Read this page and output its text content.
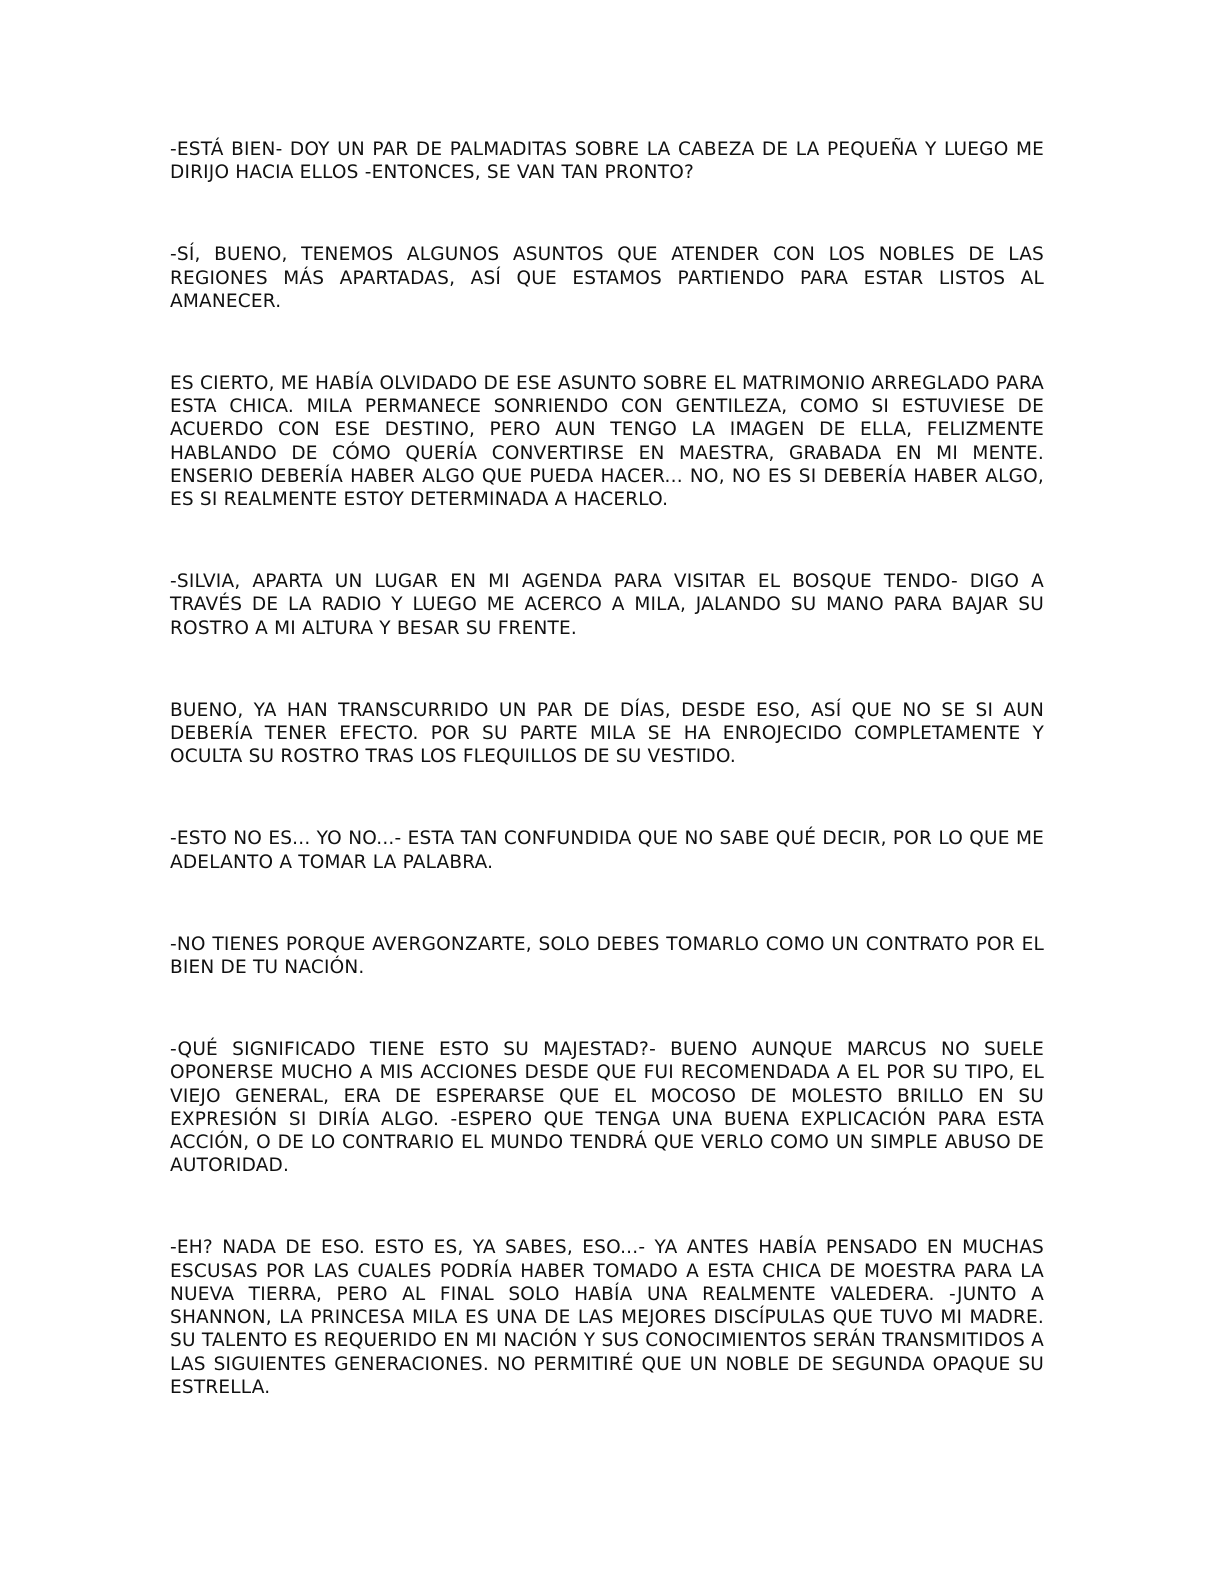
-ESTÁ BIEN- DOY UN PAR DE PALMADITAS SOBRE LA CABEZA DE LA PEQUEÑA Y LUEGO ME DIRIJO HACIA ELLOS -ENTONCES, SE VAN TAN PRONTO?

-SÍ, BUENO, TENEMOS ALGUNOS ASUNTOS QUE ATENDER CON LOS NOBLES DE LAS REGIONES MÁS APARTADAS, ASÍ QUE ESTAMOS PARTIENDO PARA ESTAR LISTOS AL AMANECER.

ES CIERTO, ME HABÍA OLVIDADO DE ESE ASUNTO SOBRE EL MATRIMONIO ARREGLADO PARA ESTA CHICA. MILA PERMANECE SONRIENDO CON GENTILEZA, COMO SI ESTUVIESE DE ACUERDO CON ESE DESTINO, PERO AUN TENGO LA IMAGEN DE ELLA, FELIZMENTE HABLANDO DE CÓMO QUERÍA CONVERTIRSE EN MAESTRA, GRABADA EN MI MENTE. ENSERIO DEBERÍA HABER ALGO QUE PUEDA HACER... NO, NO ES SI DEBERÍA HABER ALGO, ES SI REALMENTE ESTOY DETERMINADA A HACERLO.

-SILVIA, APARTA UN LUGAR EN MI AGENDA PARA VISITAR EL BOSQUE TENDO- DIGO A TRAVÉS DE LA RADIO Y LUEGO ME ACERCO A MILA, JALANDO SU MANO PARA BAJAR SU ROSTRO A MI ALTURA Y BESAR SU FRENTE.

BUENO, YA HAN TRANSCURRIDO UN PAR DE DÍAS, DESDE ESO, ASÍ QUE NO SE SI AUN DEBERÍA TENER EFECTO. POR SU PARTE MILA SE HA ENROJECIDO COMPLETAMENTE Y OCULTA SU ROSTRO TRAS LOS FLEQUILLOS DE SU VESTIDO.

-ESTO NO ES... YO NO...- ESTA TAN CONFUNDIDA QUE NO SABE QUÉ DECIR, POR LO QUE ME ADELANTO A TOMAR LA PALABRA.

-NO TIENES PORQUE AVERGONZARTE, SOLO DEBES TOMARLO COMO UN CONTRATO POR EL BIEN DE TU NACIÓN.

-QUÉ SIGNIFICADO TIENE ESTO SU MAJESTAD?- BUENO AUNQUE MARCUS NO SUELE OPONERSE MUCHO A MIS ACCIONES DESDE QUE FUI RECOMENDADA A EL POR SU TIPO, EL VIEJO GENERAL, ERA DE ESPERARSE QUE EL MOCOSO DE MOLESTO BRILLO EN SU EXPRESIÓN SI DIRÍA ALGO. -ESPERO QUE TENGA UNA BUENA EXPLICACIÓN PARA ESTA ACCIÓN, O DE LO CONTRARIO EL MUNDO TENDRÁ QUE VERLO COMO UN SIMPLE ABUSO DE AUTORIDAD.

-EH? NADA DE ESO. ESTO ES, YA SABES, ESO...- YA ANTES HABÍA PENSADO EN MUCHAS ESCUSAS POR LAS CUALES PODRÍA HABER TOMADO A ESTA CHICA DE MOESTRA PARA LA NUEVA TIERRA, PERO AL FINAL SOLO HABÍA UNA REALMENTE VALEDERA. -JUNTO A SHANNON, LA PRINCESA MILA ES UNA DE LAS MEJORES DISCÍPULAS QUE TUVO MI MADRE. SU TALENTO ES REQUERIDO EN MI NACIÓN Y SUS CONOCIMIENTOS SERÁN TRANSMITIDOS A LAS SIGUIENTES GENERACIONES. NO PERMITIRÉ QUE UN NOBLE DE SEGUNDA OPAQUE SU ESTRELLA.
